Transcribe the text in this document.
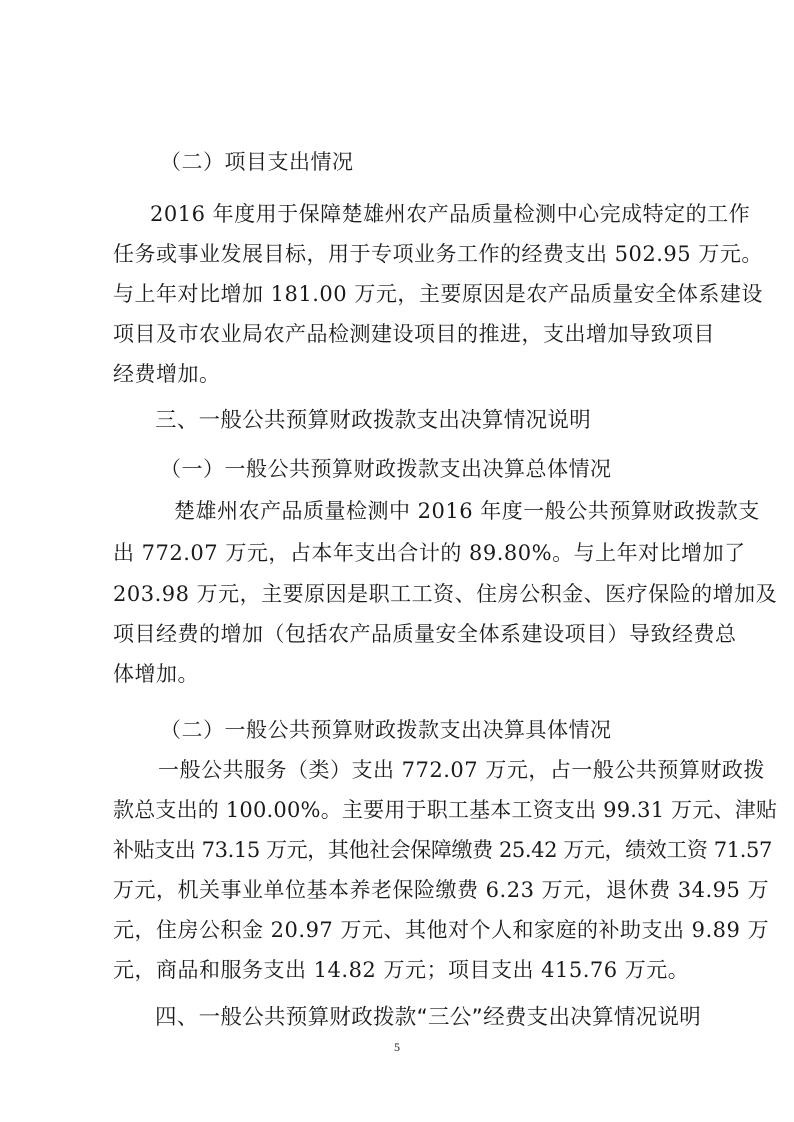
（二）项目支出情况
2016 年度用于保障楚雄州农产品质量检测中心完成特定的工作
任务或事业发展目标，用于专项业务工作的经费支出 502.95 万元。
与上年对比增加 181.00 万元，主要原因是农产品质量安全体系建设
项目及市农业局农产品检测建设项目的推进，支出增加导致项目
经费增加。
三、一般公共预算财政拨款支出决算情况说明
（一）一般公共预算财政拨款支出决算总体情况
楚雄州农产品质量检测中 2016 年度一般公共预算财政拨款支
出 772.07 万元，占本年支出合计的 89.80%。与上年对比增加了
203.98 万元，主要原因是职工工资、住房公积金、医疗保险的增加及
项目经费的增加（包括农产品质量安全体系建设项目）导致经费总
体增加。
（二）一般公共预算财政拨款支出决算具体情况
一般公共服务（类）支出 772.07 万元，占一般公共预算财政拨
款总支出的 100.00%。主要用于职工基本工资支出 99.31 万元、津贴
补贴支出 73.15 万元，其他社会保障缴费 25.42 万元，绩效工资 71.57
万元，机关事业单位基本养老保险缴费 6.23 万元，退休费 34.95 万
元，住房公积金 20.97 万元、其他对个人和家庭的补助支出 9.89 万
元，商品和服务支出 14.82 万元；项目支出 415.76 万元。
四、一般公共预算财政拨款“三公”经费支出决算情况说明
5
